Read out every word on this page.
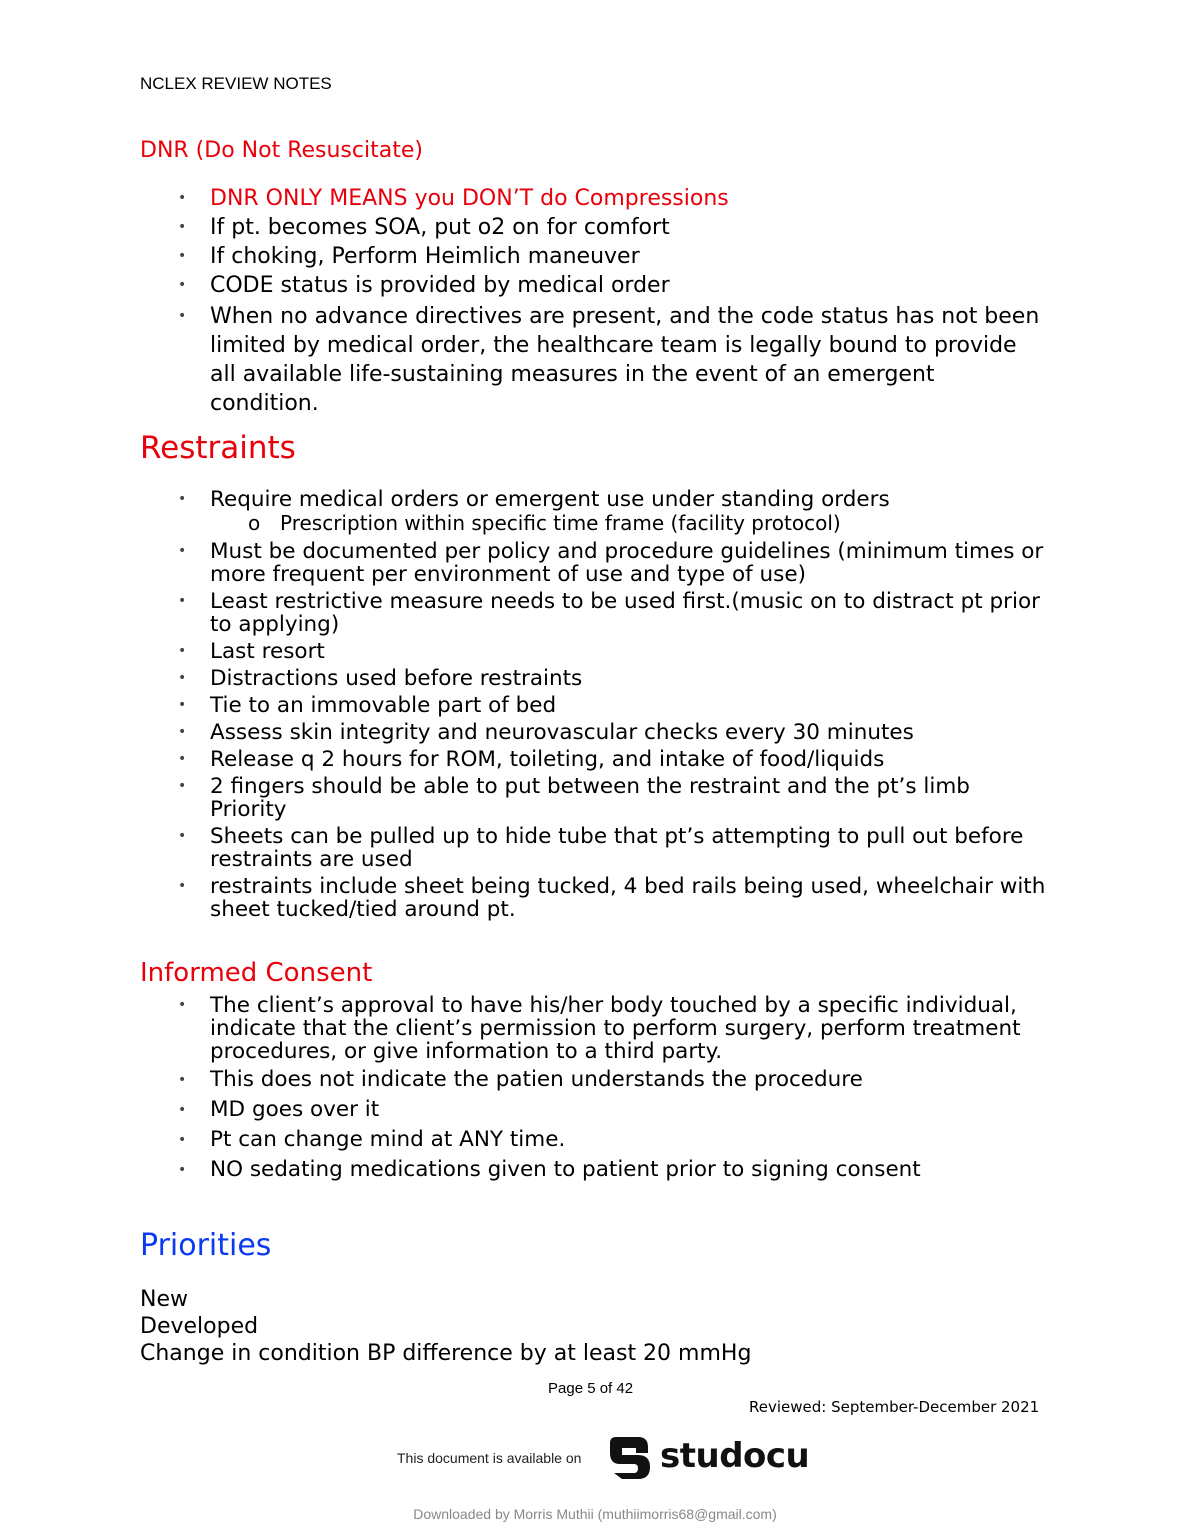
NCLEX REVIEW NOTES
DNR (Do Not Resuscitate)
• DNR ONLY MEANS you DON’T do Compressions
• If pt. becomes SOA, put o2 on for comfort
• If choking, Perform Heimlich maneuver
• CODE status is provided by medical order
• When no advance directives are present, and the code status has not been limited by medical order, the healthcare team is legally bound to provide all available life-sustaining measures in the event of an emergent condition.
Restraints
• Require medical orders or emergent use under standing orders
o Prescription within specific time frame (facility protocol)
• Must be documented per policy and procedure guidelines (minimum times or more frequent per environment of use and type of use)
• Least restrictive measure needs to be used first.(music on to distract pt prior to applying)
• Last resort
• Distractions used before restraints
• Tie to an immovable part of bed
• Assess skin integrity and neurovascular checks every 30 minutes
• Release q 2 hours for ROM, toileting, and intake of food/liquids
• 2 fingers should be able to put between the restraint and the pt’s limb Priority
• Sheets can be pulled up to hide tube that pt’s attempting to pull out before restraints are used
• restraints include sheet being tucked, 4 bed rails being used, wheelchair with sheet tucked/tied around pt.
Informed Consent
• The client’s approval to have his/her body touched by a specific individual, indicate that the client’s permission to perform surgery, perform treatment procedures, or give information to a third party.
• This does not indicate the patien understands the procedure
• MD goes over it
• Pt can change mind at ANY time.
• NO sedating medications given to patient prior to signing consent
Priorities
New
Developed
Change in condition BP difference by at least 20 mmHg
Page 5 of 42
Reviewed: September-December 2021
This document is available on studocu
Downloaded by Morris Muthii (muthiimorris68@gmail.com)
